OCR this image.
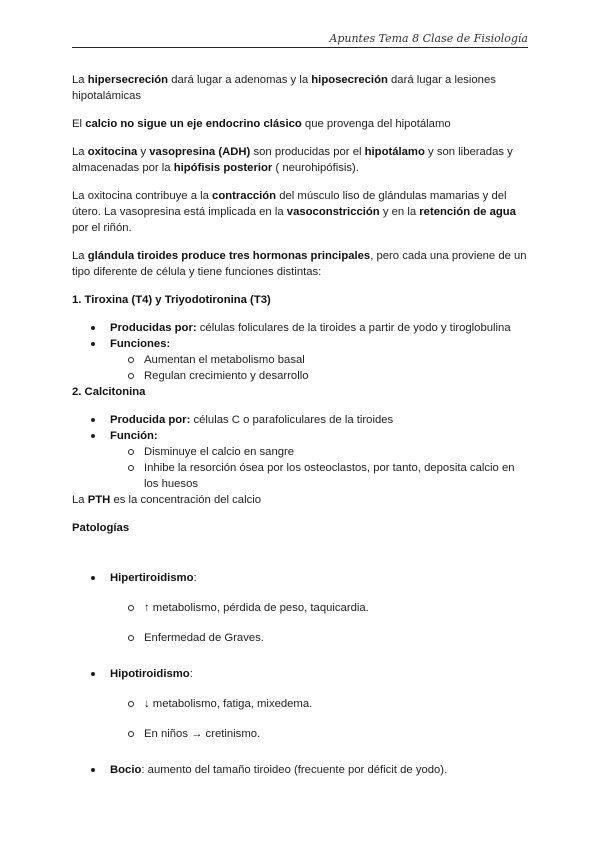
Apuntes Tema 8 Clase de Fisiología

La hipersecreción dará lugar a adenomas y la hiposecreción dará lugar a lesiones hipotalámicas

El calcio no sigue un eje endocrino clásico que provenga del hipotálamo

La oxitocina y vasopresina (ADH) son producidas por el hipotálamo y son liberadas y almacenadas por la hipófisis posterior ( neurohipófisis).

La oxitocina contribuye a la contracción del músculo liso de glándulas mamarias y del útero. La vasopresina está implicada en la vasoconstricción y en la retención de agua por el riñón.

La glándula tiroides produce tres hormonas principales, pero cada una proviene de un tipo diferente de célula y tiene funciones distintas:

1. Tiroxina (T4) y Triyodotironina (T3)
Producidas por: células foliculares de la tiroides a partir de yodo y tiroglobulina
Funciones:
Aumentan el metabolismo basal
Regulan crecimiento y desarrollo
2. Calcitonina
Producida por: células C o parafoliculares de la tiroides
Función:
Disminuye el calcio en sangre
Inhibe la resorción ósea por los osteoclastos, por tanto, deposita calcio en los huesos

La PTH es la concentración del calcio

Patologías
Hipertiroidismo:
↑ metabolismo, pérdida de peso, taquicardia.
Enfermedad de Graves.
Hipotiroidismo:
↓ metabolismo, fatiga, mixedema.
En niños → cretinismo.
Bocio: aumento del tamaño tiroideo (frecuente por déficit de yodo).
